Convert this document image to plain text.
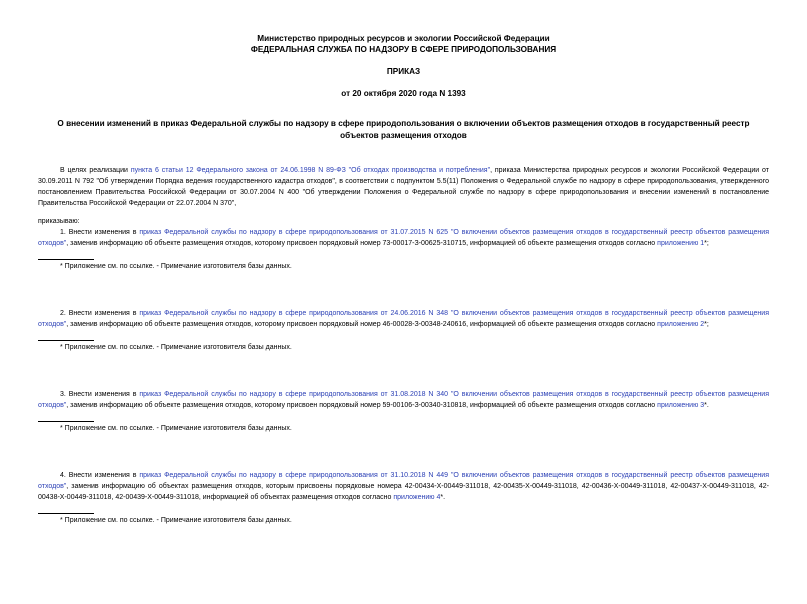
Министерство природных ресурсов и экологии Российской Федерации
ФЕДЕРАЛЬНАЯ СЛУЖБА ПО НАДЗОРУ В СФЕРЕ ПРИРОДОПОЛЬЗОВАНИЯ
ПРИКАЗ
от 20 октября 2020 года N 1393
О внесении изменений в приказ Федеральной службы по надзору в сфере природопользования о включении объектов размещения отходов в государственный реестр объектов размещения отходов

В целях реализации пункта 6 статьи 12 Федерального закона от 24.06.1998 N 89-ФЗ "Об отходах производства и потребления", приказа Министерства природных ресурсов и экологии Российской Федерации от 30.09.2011 N 792 "Об утверждении Порядка ведения государственного кадастра отходов", в соответствии с подпунктом 5.5(11) Положения о Федеральной службе по надзору в сфере природопользования, утвержденного постановлением Правительства Российской Федерации от 30.07.2004 N 400 "Об утверждении Положения о Федеральной службе по надзору в сфере природопользования и внесении изменений в постановление Правительства Российской Федерации от 22.07.2004 N 370",

приказываю:

1. Внести изменения в приказ Федеральной службы по надзору в сфере природопользования от 31.07.2015 N 625 "О включении объектов размещения отходов в государственный реестр объектов размещения отходов", заменив информацию об объекте размещения отходов, которому присвоен порядковый номер 73-00017-З-00625-310715, информацией об объекте размещения отходов согласно приложению 1*;

* Приложение см. по ссылке. - Примечание изготовителя базы данных.

2. Внести изменения в приказ Федеральной службы по надзору в сфере природопользования от 24.06.2016 N 348 "О включении объектов размещения отходов в государственный реестр объектов размещения отходов", заменив информацию об объекте размещения отходов, которому присвоен порядковый номер 46-00028-З-00348-240616, информацией об объекте размещения отходов согласно приложению 2*;

* Приложение см. по ссылке. - Примечание изготовителя базы данных.

3. Внести изменения в приказ Федеральной службы по надзору в сфере природопользования от 31.08.2018 N 340 "О включении объектов размещения отходов в государственный реестр объектов размещения отходов", заменив информацию об объекте размещения отходов, которому присвоен порядковый номер 59-00106-З-00340-310818, информацией об объекте размещения отходов согласно приложению 3*.

* Приложение см. по ссылке. - Примечание изготовителя базы данных.

4. Внести изменения в приказ Федеральной службы по надзору в сфере природопользования от 31.10.2018 N 449 "О включении объектов размещения отходов в государственный реестр объектов размещения отходов", заменив информацию об объектах размещения отходов, которым присвоены порядковые номера 42-00434-Х-00449-311018, 42-00435-Х-00449-311018, 42-00436-Х-00449-311018, 42-00437-Х-00449-311018, 42-00438-Х-00449-311018, 42-00439-Х-00449-311018, информацией об объектах размещения отходов согласно приложению 4*.

* Приложение см. по ссылке. - Примечание изготовителя базы данных.
